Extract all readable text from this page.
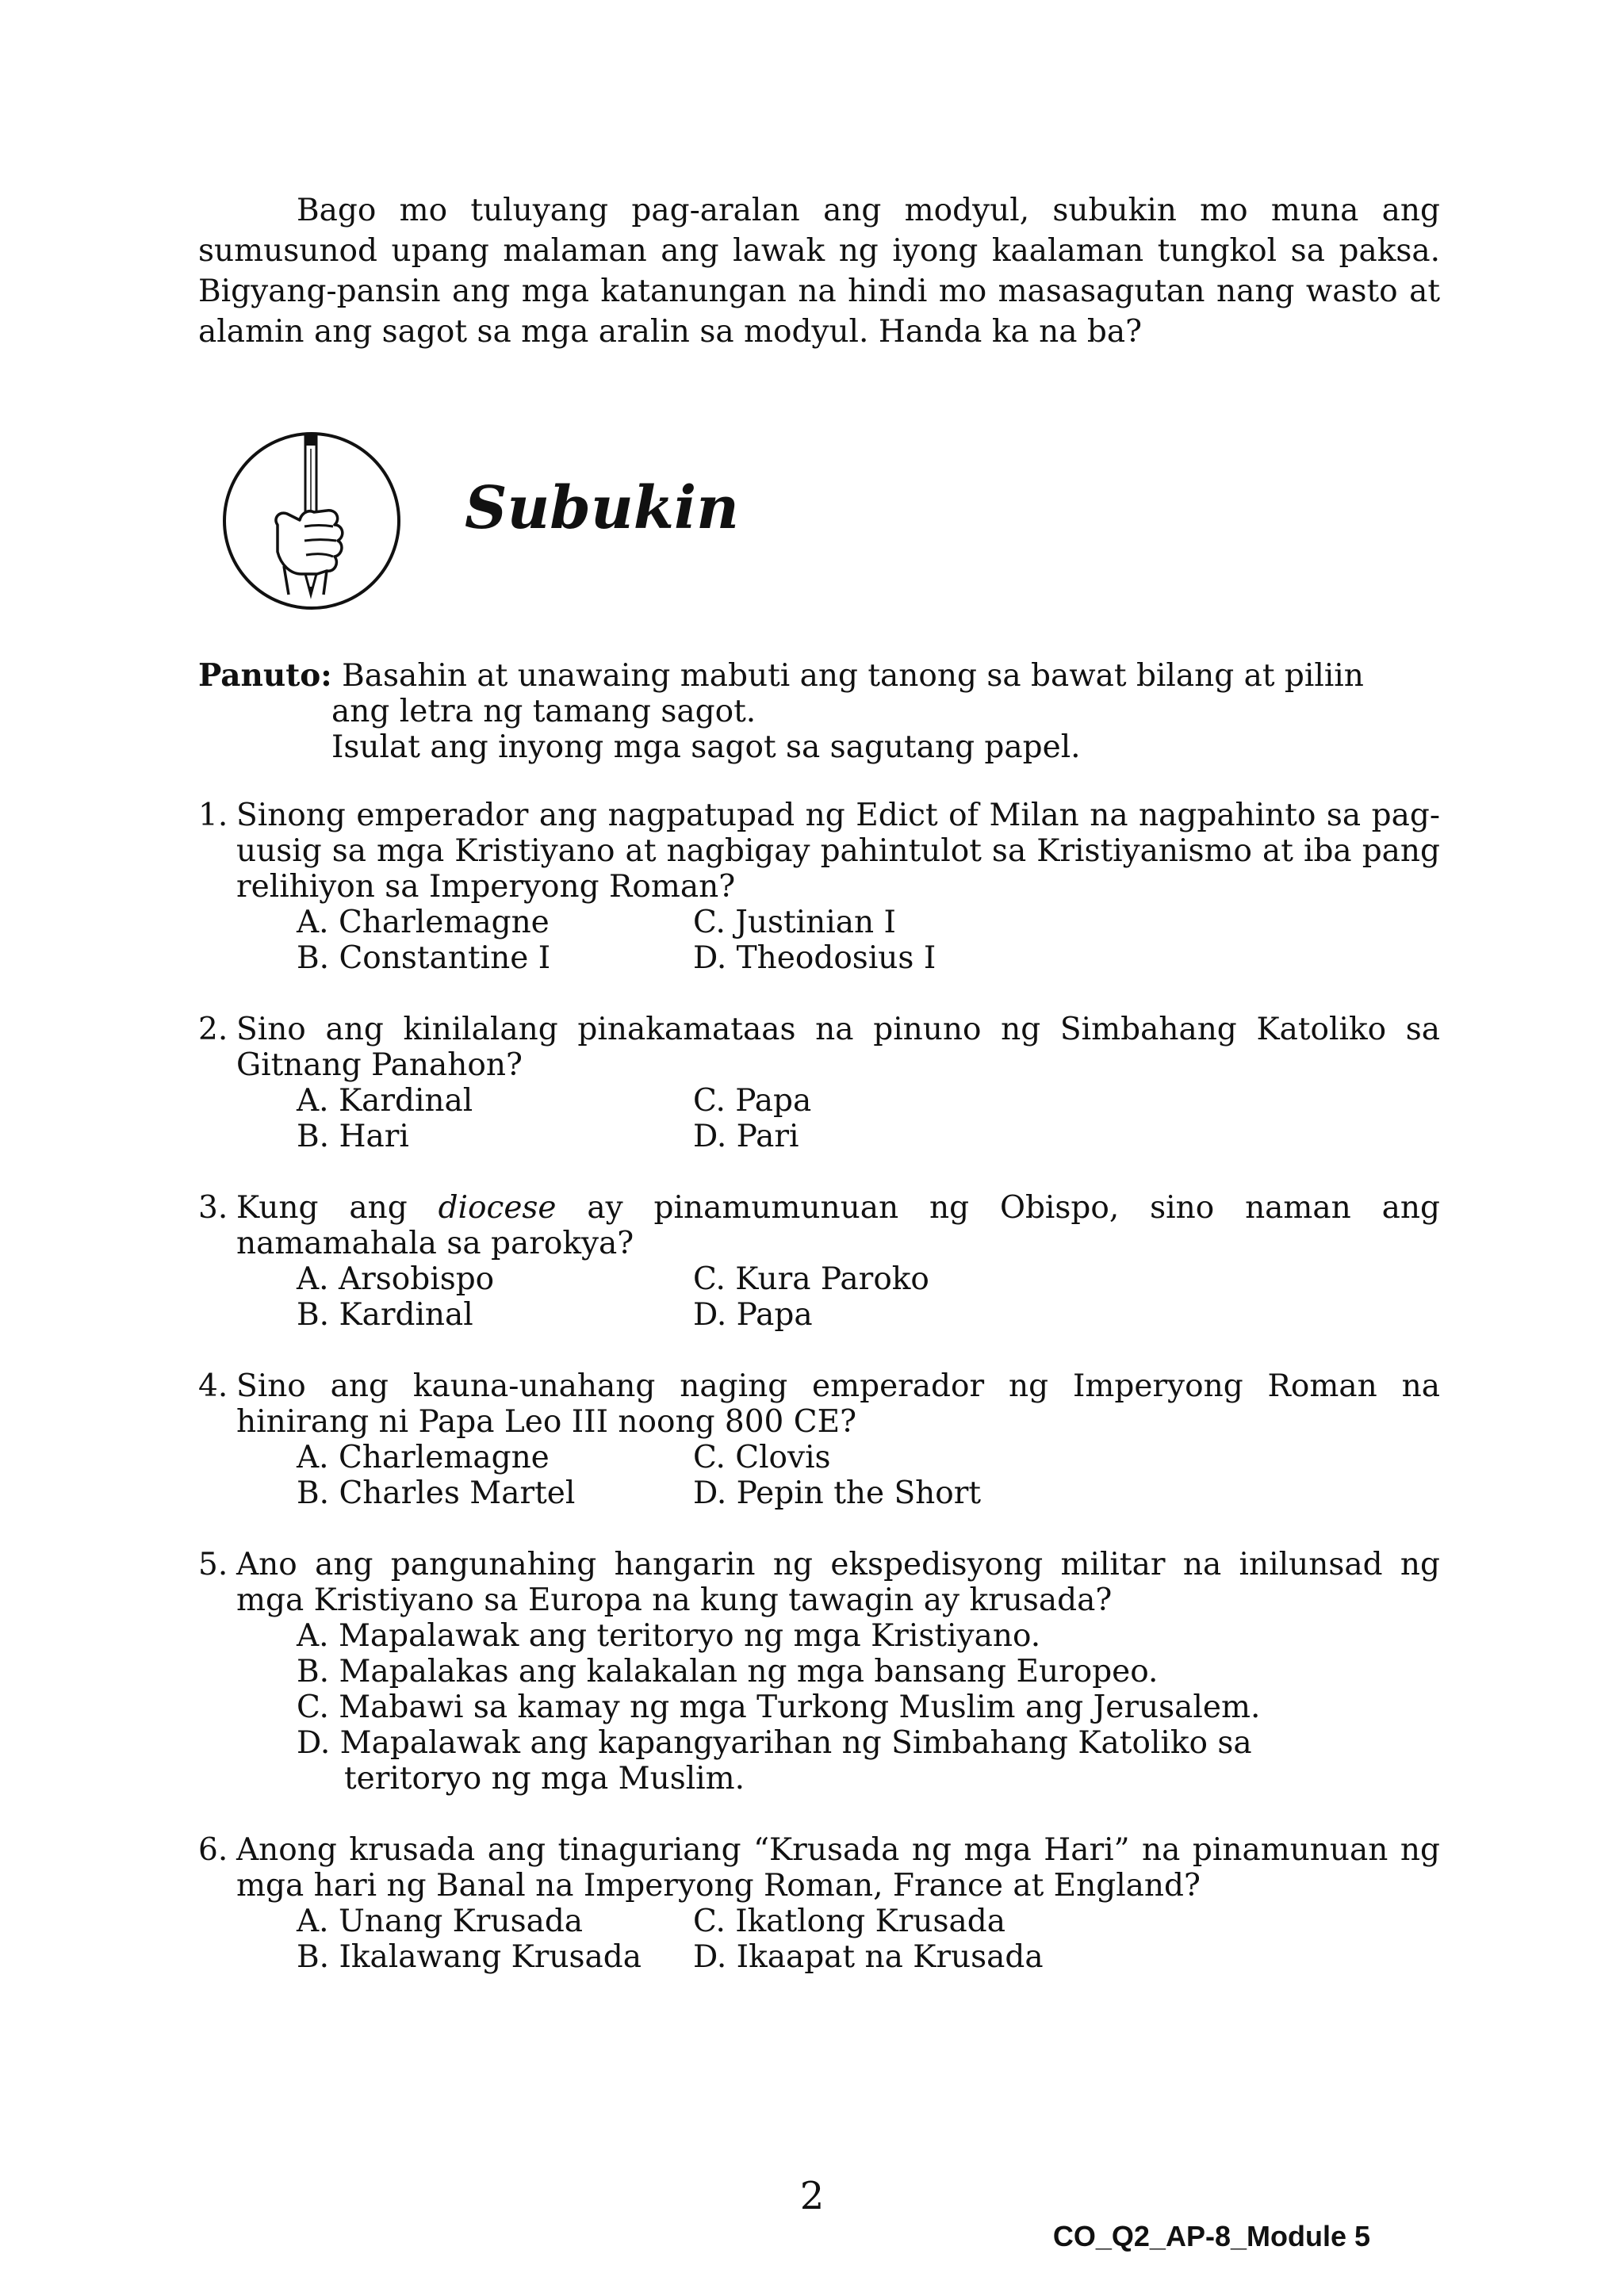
Bago mo tuluyang pag-aralan ang modyul, subukin mo muna ang sumusunod upang malaman ang lawak ng iyong kaalaman tungkol sa paksa. Bigyang-pansin ang mga katanungan na hindi mo masasagutan nang wasto at alamin ang sagot sa mga aralin sa modyul. Handa ka na ba?

Subukin
Panuto: Basahin at unawaing mabuti ang tanong sa bawat bilang at piliin
ang letra ng tamang sagot.
Isulat ang inyong mga sagot sa sagutang papel.
1. Sinong emperador ang nagpatupad ng Edict of Milan na nagpahinto sa pag-uusig sa mga Kristiyano at nagbigay pahintulot sa Kristiyanismo at iba pang relihiyon sa Imperyong Roman?
A. Charlemagne	C. Justinian I
B. Constantine I	D. Theodosius I
2. Sino ang kinilalang pinakamataas na pinuno ng Simbahang Katoliko sa Gitnang Panahon?
A. Kardinal	C. Papa
B. Hari	D. Pari
3. Kung ang diocese ay pinamumunuan ng Obispo, sino naman ang namamahala sa parokya?
A. Arsobispo	C. Kura Paroko
B. Kardinal	D. Papa
4. Sino ang kauna-unahang naging emperador ng Imperyong Roman na hinirang ni Papa Leo III noong 800 CE?
A. Charlemagne	C. Clovis
B. Charles Martel	D. Pepin the Short
5. Ano ang pangunahing hangarin ng ekspedisyong militar na inilunsad ng mga Kristiyano sa Europa na kung tawagin ay krusada?
A. Mapalawak ang teritoryo ng mga Kristiyano.
B. Mapalakas ang kalakalan ng mga bansang Europeo.
C. Mabawi sa kamay ng mga Turkong Muslim ang Jerusalem.
D. Mapalawak ang kapangyarihan ng Simbahang Katoliko sa teritoryo ng mga Muslim.
6. Anong krusada ang tinaguriang “Krusada ng mga Hari” na pinamunuan ng mga hari ng Banal na Imperyong Roman, France at England?
A. Unang Krusada	C. Ikatlong Krusada
B. Ikalawang Krusada	D. Ikaapat na Krusada
2
CO_Q2_AP-8_Module 5
